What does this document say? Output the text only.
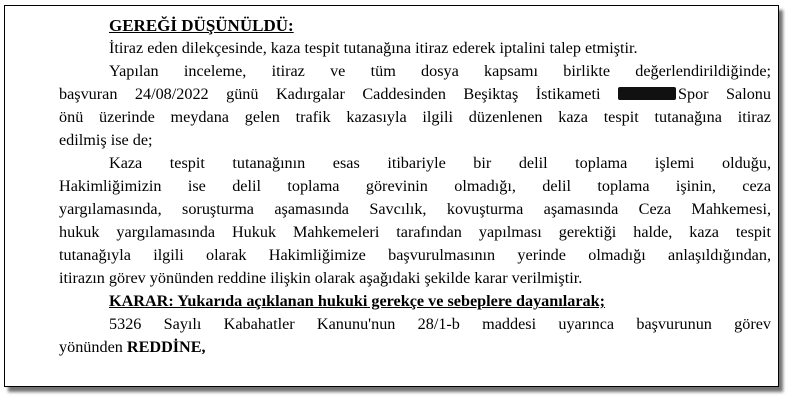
GEREĞİ DÜŞÜNÜLDÜ:
İtiraz eden dilekçesinde, kaza tespit tutanağına itiraz ederek iptalini talep etmiştir.
Yapılan inceleme, itiraz ve tüm dosya kapsamı birlikte değerlendirildiğinde;
başvuran 24/08/2022 günü Kadırgalar Caddesinden Beşiktaş İstikameti	Spor Salonu
önü üzerinde meydana gelen trafik kazasıyla ilgili düzenlenen kaza tespit tutanağına itiraz
edilmiş ise de;
Kaza tespit tutanağının esas itibariyle bir delil toplama işlemi olduğu,
Hakimliğimizin ise delil toplama görevinin olmadığı, delil toplama işinin, ceza
yargılamasında, soruşturma aşamasında Savcılık, kovuşturma aşamasında Ceza Mahkemesi,
hukuk yargılamasında Hukuk Mahkemeleri tarafından yapılması gerektiği halde, kaza tespit
tutanağıyla ilgili olarak Hakimliğimize başvurulmasının yerinde olmadığı anlaşıldığından,
itirazın görev yönünden reddine ilişkin olarak aşağıdaki şekilde karar verilmiştir.
KARAR: Yukarıda açıklanan hukuki gerekçe ve sebeplere dayanılarak;
5326 Sayılı Kabahatler Kanunu'nun 28/1-b maddesi uyarınca başvurunun görev
yönünden REDDİNE,
